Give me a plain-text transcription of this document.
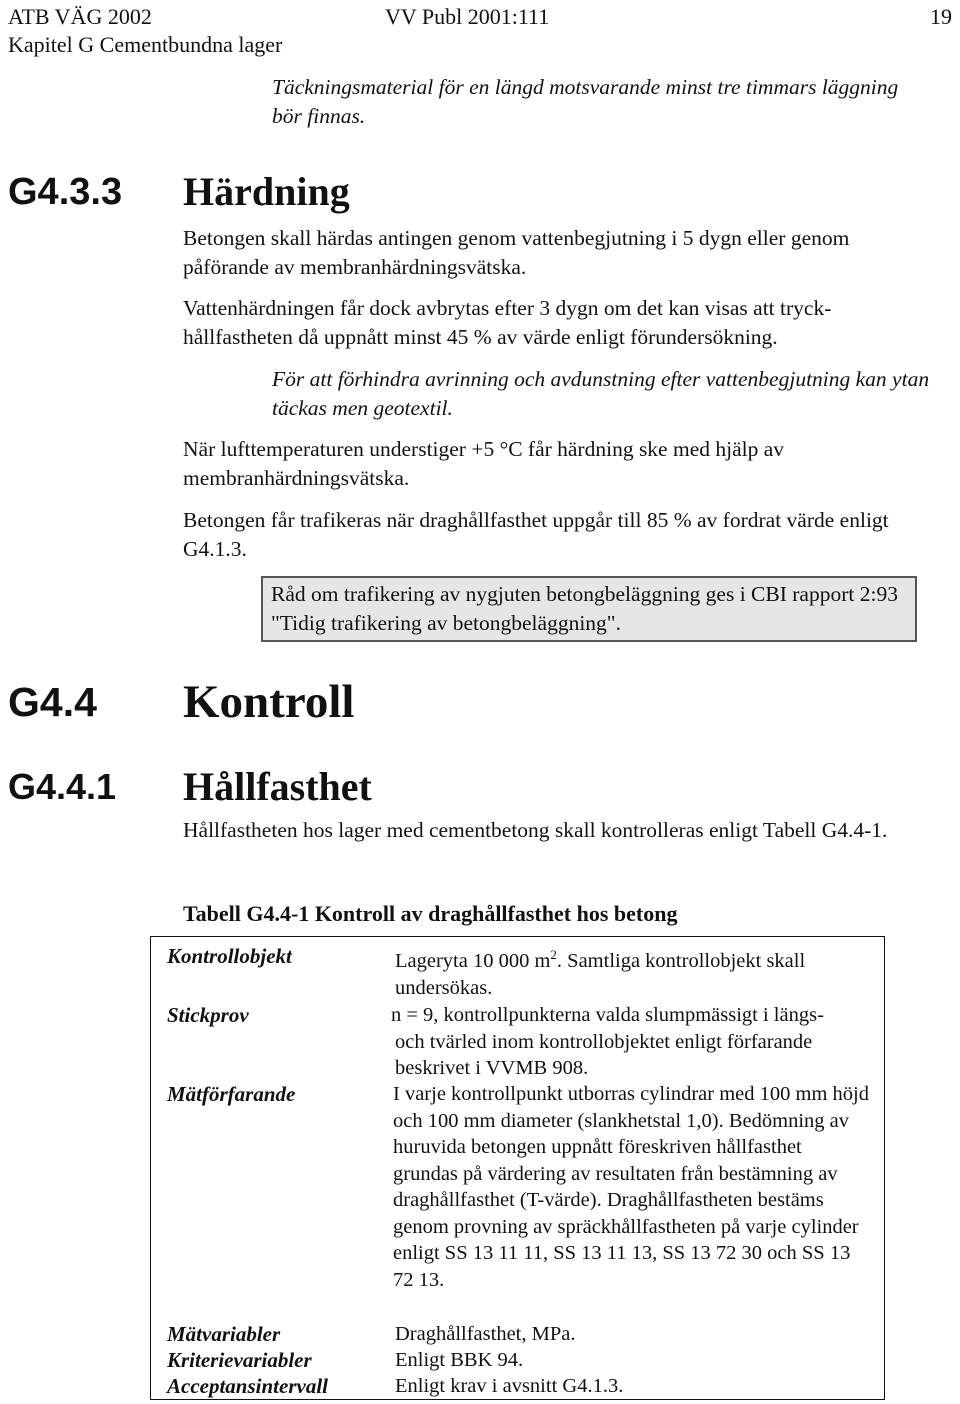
ATB VÄG 2002
Kapitel G Cementbundna lager
VV Publ 2001:111	19
Täckningsmaterial för en längd motsvarande minst tre timmars läggning bör finnas.
G4.3.3 Härdning
Betongen skall härdas antingen genom vattenbegjutning i 5 dygn eller genom påförande av membranhärdningsvätska.
Vattenhärdningen får dock avbrytas efter 3 dygn om det kan visas att tryck-hållfastheten då uppnått minst 45 % av värde enligt förundersökning.
För att förhindra avrinning och avdunstning efter vattenbegjutning kan ytan täckas men geotextil.
När lufttemperaturen understiger +5 °C får härdning ske med hjälp av membranhärdningsvätska.
Betongen får trafikeras när draghållfasthet uppgår till 85 % av fordrat värde enligt G4.1.3.
Råd om trafikering av nygjuten betongbeläggning ges i CBI rapport 2:93 "Tidig trafikering av betongbeläggning".
G4.4 Kontroll
G4.4.1 Hållfasthet
Hållfastheten hos lager med cementbetong skall kontrolleras enligt Tabell G4.4-1.
Tabell G4.4-1 Kontroll av draghållfasthet hos betong
Kontrollobjekt	Lageryta 10 000 $m^2$. Samtliga kontrollobjekt skall undersökas.
Stickprov	n = 9, kontrollpunkterna valda slumpmässigt i längs- och tvärled inom kontrollobjektet enligt förfarande beskrivet i VVMB 908.
Mätförfarande	I varje kontrollpunkt utborras cylindrar med 100 mm höjd och 100 mm diameter (slankhetstal 1,0). Bedömning av huruvida betongen uppnått föreskriven hållfasthet grundas på värdering av resultaten från bestämning av draghållfasthet (T-värde). Draghållfastheten bestäms genom provning av spräckhållfastheten på varje cylinder enligt SS 13 11 11, SS 13 11 13, SS 13 72 30 och SS 13 72 13.
Mätvariabler	Draghållfasthet, MPa.
Kriterievariabler	Enligt BBK 94.
Acceptansintervall	Enligt krav i avsnitt G4.1.3.
